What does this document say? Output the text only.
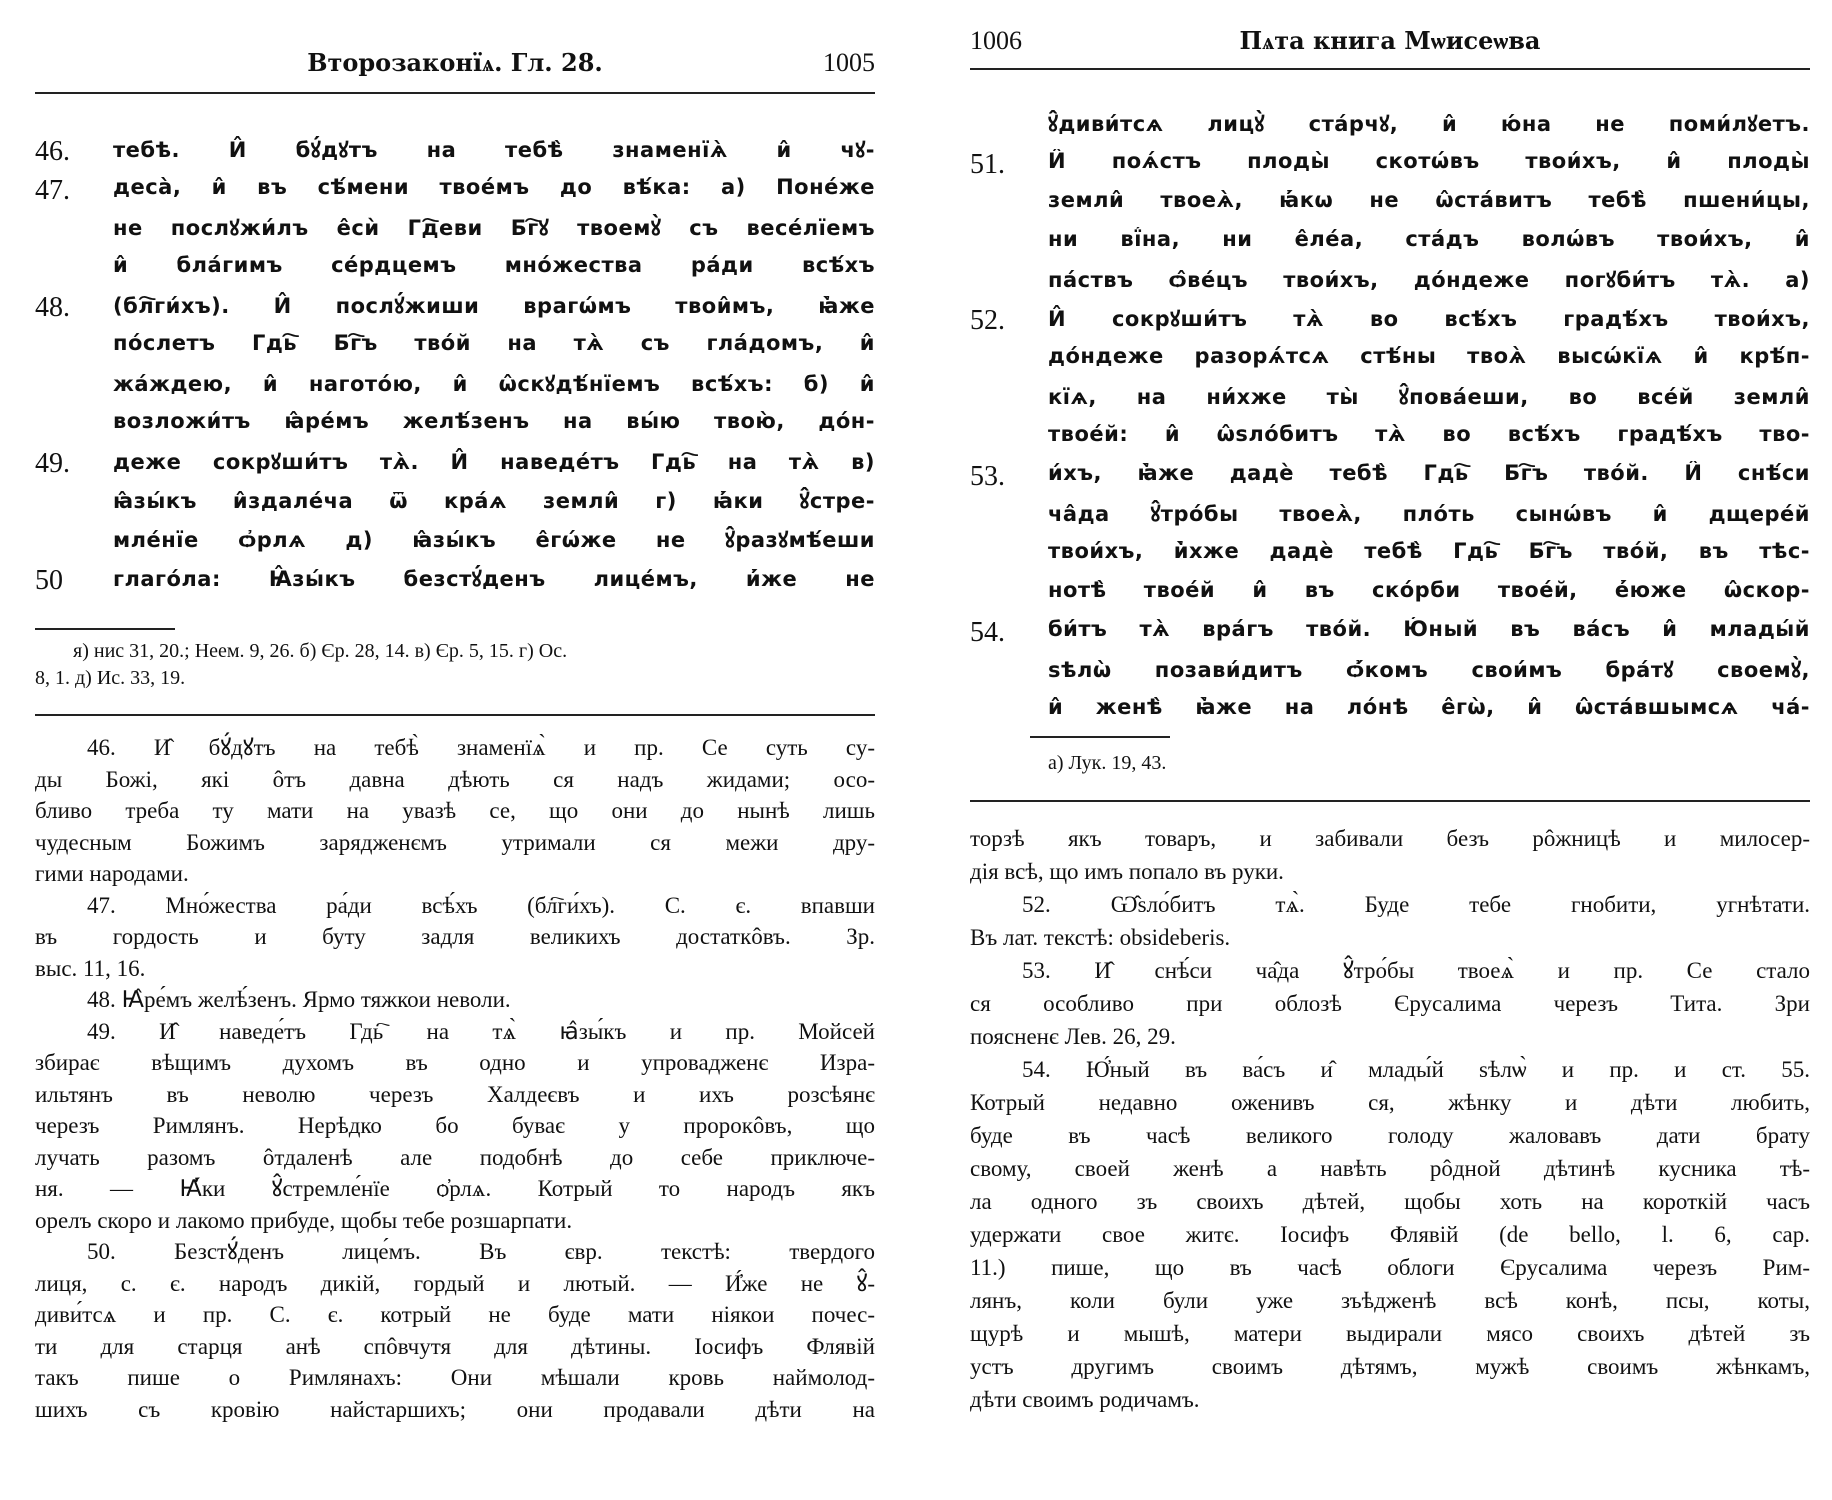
Второзаконїѧ. Гл. 28.	1005
46. тебѣ. И̂ бꙋ́дꙋтъ на тебѣ̀ знаменїѧ̀ и̂ чꙋ-
47. деса̀, и̂ въ сѣ́мени твое́мъ до вѣ́ка: а) Поне́же
не послꙋжи́лъ е̂сѝ Гд҇еви Бг҇ꙋ твоемꙋ̀ съ весе́лїемъ
и̂ бла́гимъ се́рдцемъ мно́жества ра́ди всѣ́хъ
48. (бл҇ги́хъ). И̂ послꙋ́жиши врагѡ́мъ твои̂мъ, ꙗ҆̀же
по́слетъ Гдь҇ Бг҇ъ тво́й на тѧ̀ съ гла́домъ, и̂
жа́ждею, и̂ нагото́ю, и̂ ѡ̂скꙋдѣ́нїемъ всѣ́хъ: б) и̂
возложи́тъ ꙗ̂ре́мъ желѣ́зенъ на вы́ю твою̀, до́н-
49. деже сокрꙋши́тъ тѧ̀. И̂ наведе́тъ Гдь҇ на тѧ̀ в)
ꙗ̂зы́къ и̂здале́ча ѿ кра́ѧ земли̂ г) ꙗ҆́ки ꙋ̂стре-
мле́нїе ѻ҆рлѧ д) ꙗ̂зы́къ е̂гѡ́же не ꙋ̂разꙋмѣ́еши
50 глаго́ла: Ꙗ̂зы́къ безстꙋ́денъ лице́мъ, и҆́же не
я) нис 31, 20.; Неем. 9, 26. б) Єр. 28, 14. в) Єр. 5, 15. г) Ос.
8, 1. д) Ис. 33, 19.
46. И̂ бꙋ́дꙋтъ на тебѣ̀ знаменїѧ̀ и пр. Се суть су-
ды Божі, які ôтъ давна дѣють ся надъ жидами; осо-
бливо треба ту мати на увазѣ се, що они до нынѣ лишь
чудесным Божимъ зарядженємъ утримали ся межи дру-
гими народами.
47. Мно́жества ра́ди всѣ́хъ (бл҇ги́хъ). С. є. впавши
въ гордость и буту задля великихъ достаткôвъ. Зр.
выс. 11, 16.
48. Ꙗ̂ре́мъ желѣ́зенъ. Ярмо тяжкои неволи.
49. И̂ наведе́тъ Гдь҇ на тѧ̀ ꙗ̂зы́къ и пр. Мойсей
збирає вѣщимъ духомъ въ одно и упровадженє Изра-
ильтянъ въ неволю черезъ Халдеєвъ и ихъ розсѣянє
черезъ Римлянъ. Нерѣдко бо буває у пророкôвъ, що
лучать разомъ ôтдаленѣ але подобнѣ до себе приключе-
ня. — Ꙗ҆́ки ꙋ̂стремле́нїе ѻ҆рлѧ. Котрый то народъ якъ
орелъ скоро и лакомо прибуде, щобы тебе розшарпати.
50. Безстꙋ́денъ лице́мъ. Въ євр. текстѣ: твердого
лиця, с. є. народъ дикій, гордый и лютый. — И҆́же не ꙋ̂-
диви́тсѧ и пр. С. є. котрый не буде мати ніякои почес-
ти для старця анѣ спôвчутя для дѣтины. Іосифъ Флявій
такъ пише о Римлянахъ: Они мѣшали кровь наймолод-
шихъ съ кровію найстаршихъ; они продавали дѣти на
1006	Пѧта книга Мѡисеѡва
ꙋ̂диви́тсѧ лицꙋ̀ ста́рчꙋ, и̂ ю́на не поми́лꙋетъ.
51. И̂ поѧ́стъ плоды̀ скотѡ́въ твои́хъ, и̂ плоды̀
земли̂ твоеѧ̀, ꙗ҆́кѡ не ѡ̂ста́витъ тебѣ̀ пшени́цы,
ни вї́на, ни е̂ле́а, ста́дъ волѡ́въ твои́хъ, и̂
па́ствъ ѻ̂ве́цъ твои́хъ, до́ндеже погꙋби́тъ тѧ̀. а)
52. И̂ сокрꙋши́тъ тѧ̀ во всѣ́хъ градѣ́хъ твои́хъ,
до́ндеже разорѧ́тсѧ стѣ́ны твоѧ̀ высѡ́кїѧ и̂ крѣ́п-
кїѧ, на ни́хже ты̀ ꙋ̂пова́еши, во все́й земли̂
твое́й: и̂ ѡ̂ѕло́битъ тѧ̀ во всѣ́хъ градѣ́хъ тво-
53. и́хъ, ꙗ҆̀же дадѐ тебѣ̀ Гдь҇ Бг҇ъ тво́й. И̂ снѣ́си
ча̂да ꙋ̂тро́бы твоеѧ̀, пло́ть сынѡ́въ и̂ дщере́й
твои́хъ, и҆̀хже дадѐ тебѣ̀ Гдь҇ Бг҇ъ тво́й, въ тѣс-
нотѣ̀ твое́й и̂ въ ско́рби твое́й, е҆́юже ѡ̂скор-
54. би́тъ тѧ̀ вра́гъ тво́й. Ю҆́ный въ ва́съ и̂ млады́й
ѕѣлѡ̀ позави́дитъ ѻ҆́комъ свои́мъ бра́тꙋ своемꙋ̀,
и̂ женѣ̀ ꙗ҆̀же на ло́нѣ е̂гѡ̀, и̂ ѡ̂ста́вшымсѧ ча́-
а) Лук. 19, 43.
торзѣ якъ товаръ, и забивали безъ рôжницѣ и милосер-
дія всѣ, що имъ попало въ руки.
52. Ѡ̂ѕло́битъ тѧ̀. Буде тебе гнобити, угнѣтати.
Въ лат. текстѣ: obsideberis.
53. И̂ снѣ́си ча̂да ꙋ̂тро́бы твоеѧ̀ и пр. Се стало
ся особливо при облозѣ Єрусалима черезъ Тита. Зри
поясненє Лев. 26, 29.
54. Ю҆́ный въ ва́съ и̂ млады́й ѕѣлѡ̀ и пр. и ст. 55.
Котрый недавно оженивъ ся, жѣнку и дѣти любить,
буде въ часѣ великого голоду жаловавъ дати брату
свому, своей женѣ а навѣть рôдной дѣтинѣ кусника тѣ-
ла одного зъ своихъ дѣтей, щобы хоть на короткій часъ
удержати свое житє. Іосифъ Флявій (de bello, l. 6, cap.
11.) пише, що въ часѣ облоги Єрусалима черезъ Рим-
лянъ, коли були уже зъѣдженѣ всѣ конѣ, псы, коты,
щурѣ и мышѣ, матери выдирали мясо своихъ дѣтей зъ
устъ другимъ своимъ дѣтямъ, мужѣ своимъ жѣнкамъ,
дѣти своимъ родичамъ.
